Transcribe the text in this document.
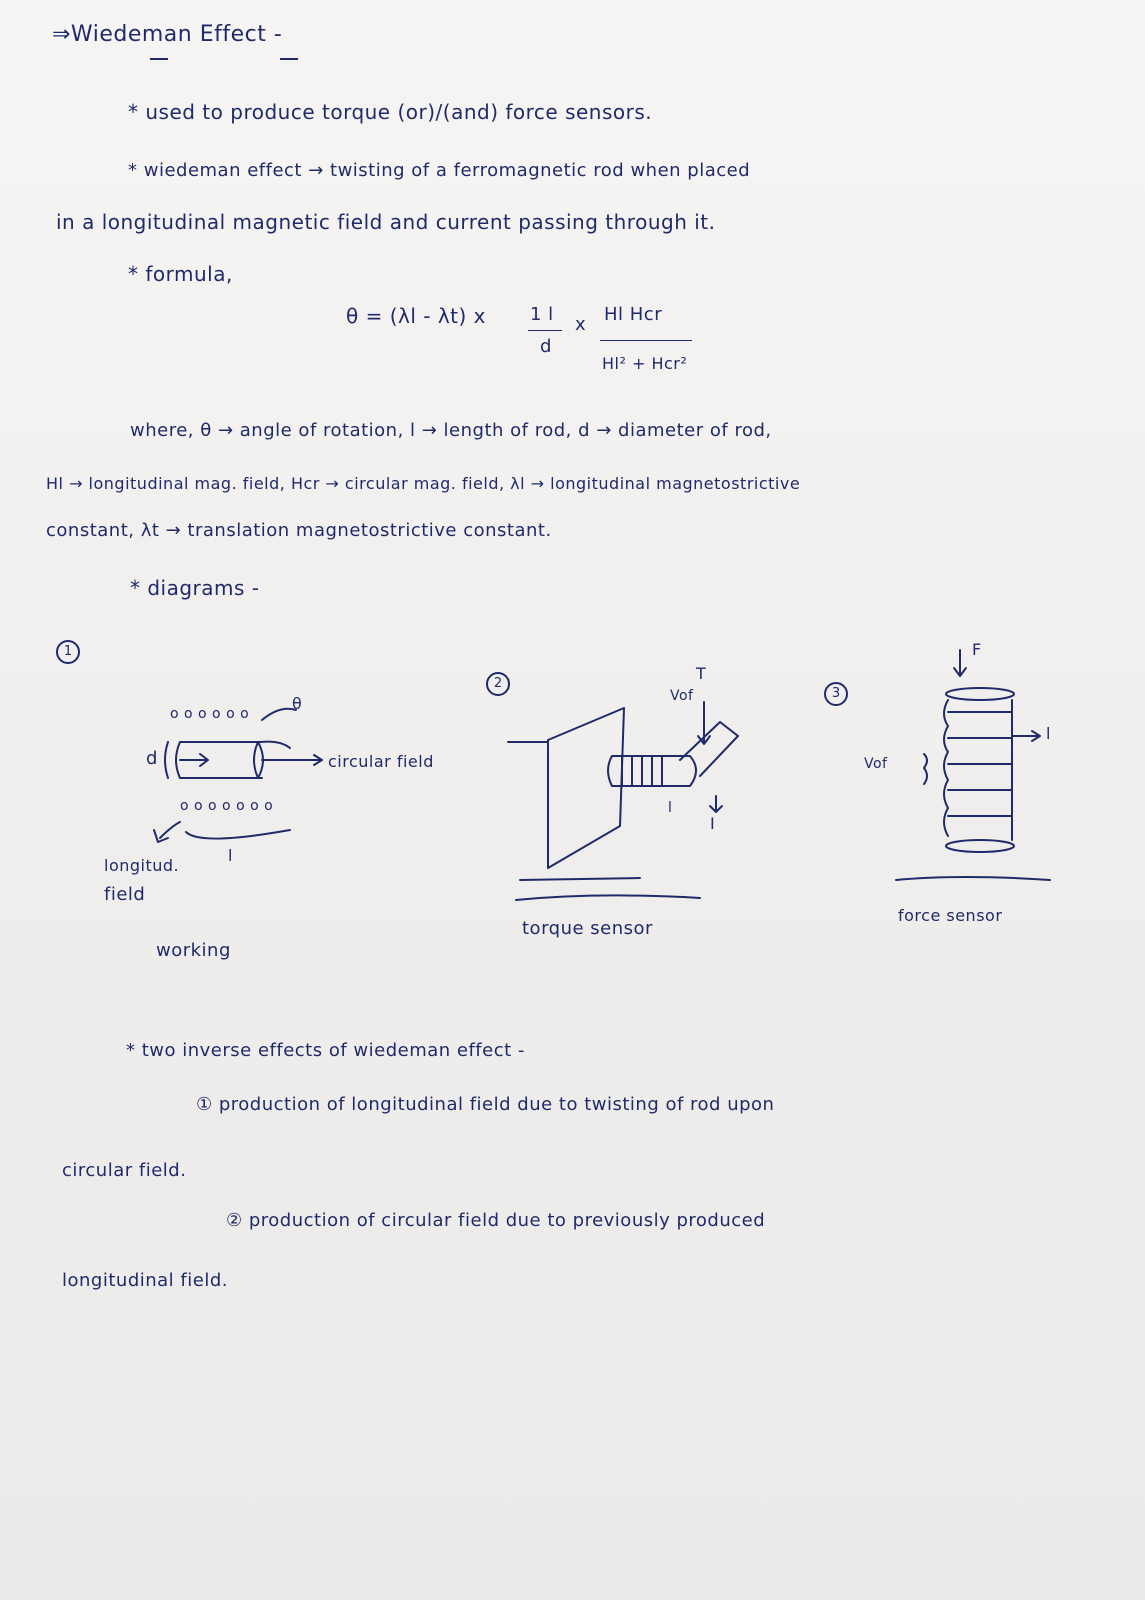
⇒Wiedeman Effect -
* used to produce torque (or)/(and) force sensors.
* wiedeman effect → twisting of a ferromagnetic rod when placed
in a longitudinal magnetic field and current passing through it.
* formula,
θ = (λl - λt) x 1 l
d
x Hl Hcr
Hl² + Hcr²
where, θ → angle of rotation, l → length of rod, d → diameter of rod,
Hl → longitudinal mag. field, Hcr → circular mag. field, λl → longitudinal magnetostrictive
constant, λt → translation magnetostrictive constant.
* diagrams -
1
o o o o o o
θ
d	circular field
o o o o o o o
l
longitud.
field
working
2
T
Vof
l
I
torque sensor
3
F
l
Vof
force sensor
* two inverse effects of wiedeman effect -
① production of longitudinal field due to twisting of rod upon
circular field.
② production of circular field due to previously produced
longitudinal field.
